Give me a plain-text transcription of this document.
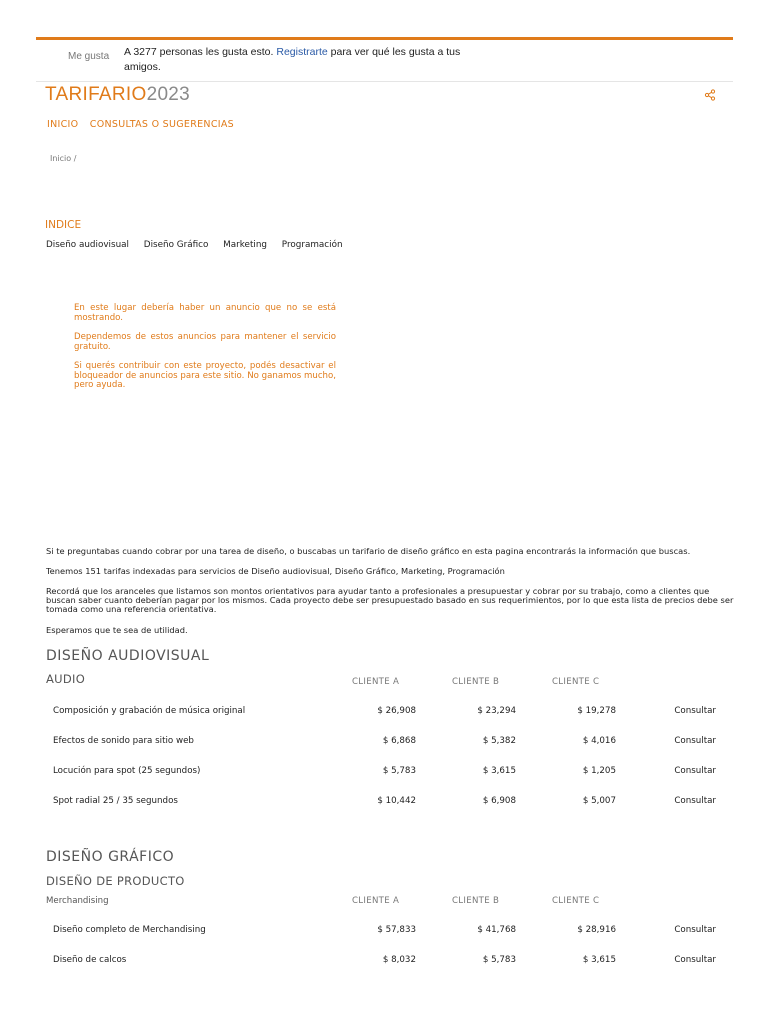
Me gusta A 3277 personas les gusta esto. Registrarte para ver qué les gusta a tus amigos.
TARIFARIO2023
INICIO CONSULTAS O SUGERENCIAS
Inicio /
INDICE
Diseño audiovisual Diseño Gráfico Marketing Programación

En este lugar debería haber un anuncio que no se está mostrando.

Dependemos de estos anuncios para mantener el servicio gratuito.

Si querés contribuir con este proyecto, podés desactivar el bloqueador de anuncios para este sitio. No ganamos mucho, pero ayuda.

Si te preguntabas cuando cobrar por una tarea de diseño, o buscabas un tarifario de diseño gráfico en esta pagina encontrarás la información que buscas.
Tenemos 151 tarifas indexadas para servicios de Diseño audiovisual, Diseño Gráfico, Marketing, Programación
Recordá que los aranceles que listamos son montos orientativos para ayudar tanto a profesionales a presupuestar y cobrar por su trabajo, como a clientes que buscan saber cuanto deberían pagar por los mismos. Cada proyecto debe ser presupuestado basado en sus requerimientos, por lo que esta lista de precios debe ser tomada como una referencia orientativa.
Esperamos que te sea de utilidad.
DISEÑO AUDIOVISUAL
AUDIO	CLIENTE A	CLIENTE B	CLIENTE C
Composición y grabación de música original	$ 26,908	$ 23,294	$ 19,278	Consultar
Efectos de sonido para sitio web	$ 6,868	$ 5,382	$ 4,016	Consultar
Locución para spot (25 segundos)	$ 5,783	$ 3,615	$ 1,205	Consultar
Spot radial 25 / 35 segundos	$ 10,442	$ 6,908	$ 5,007	Consultar
DISEÑO GRÁFICO
DISEÑO DE PRODUCTO
Merchandising	CLIENTE A	CLIENTE B	CLIENTE C
Diseño completo de Merchandising	$ 57,833	$ 41,768	$ 28,916	Consultar
Diseño de calcos	$ 8,032	$ 5,783	$ 3,615	Consultar
